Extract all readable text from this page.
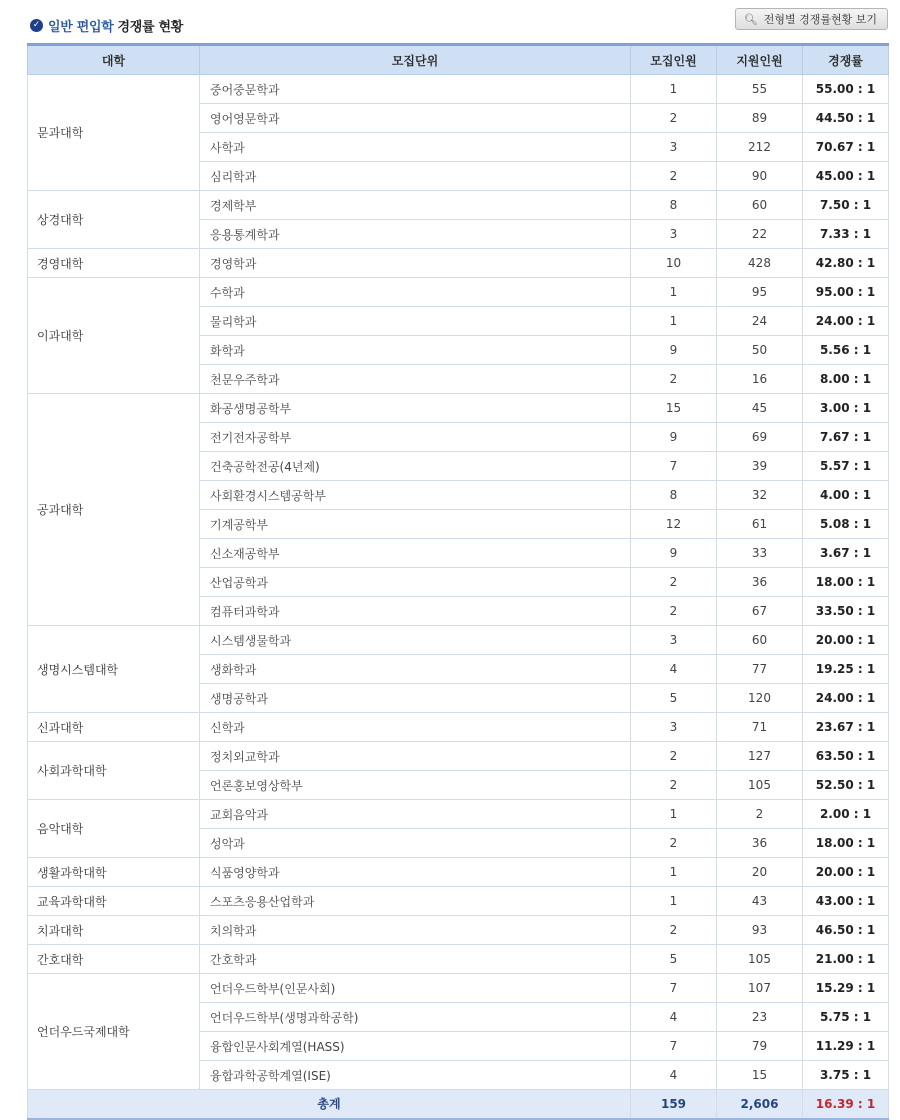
✓ 일반 편입학 경쟁률 현황
🔍︎ 전형별 경쟁률현황 보기
대학	모집단위	모집인원	지원인원	경쟁률
문과대학	중어중문학과	1	55	55.00 : 1
	영어영문학과	2	89	44.50 : 1
	사학과	3	212	70.67 : 1
	심리학과	2	90	45.00 : 1
상경대학	경제학부	8	60	7.50 : 1
	응용통계학과	3	22	7.33 : 1
경영대학	경영학과	10	428	42.80 : 1
이과대학	수학과	1	95	95.00 : 1
	물리학과	1	24	24.00 : 1
	화학과	9	50	5.56 : 1
	천문우주학과	2	16	8.00 : 1
공과대학	화공생명공학부	15	45	3.00 : 1
	전기전자공학부	9	69	7.67 : 1
	건축공학전공(4년제)	7	39	5.57 : 1
	사회환경시스템공학부	8	32	4.00 : 1
	기계공학부	12	61	5.08 : 1
	신소재공학부	9	33	3.67 : 1
	산업공학과	2	36	18.00 : 1
	컴퓨터과학과	2	67	33.50 : 1
생명시스템대학	시스템생물학과	3	60	20.00 : 1
	생화학과	4	77	19.25 : 1
	생명공학과	5	120	24.00 : 1
신과대학	신학과	3	71	23.67 : 1
사회과학대학	정치외교학과	2	127	63.50 : 1
	언론홍보영상학부	2	105	52.50 : 1
음악대학	교회음악과	1	2	2.00 : 1
	성악과	2	36	18.00 : 1
생활과학대학	식품영양학과	1	20	20.00 : 1
교육과학대학	스포츠응용산업학과	1	43	43.00 : 1
치과대학	치의학과	2	93	46.50 : 1
간호대학	간호학과	5	105	21.00 : 1
언더우드국제대학	언더우드학부(인문사회)	7	107	15.29 : 1
	언더우드학부(생명과학공학)	4	23	5.75 : 1
	융합인문사회계열(HASS)	7	79	11.29 : 1
	융합과학공학계열(ISE)	4	15	3.75 : 1
총계		159	2,606	16.39 : 1
